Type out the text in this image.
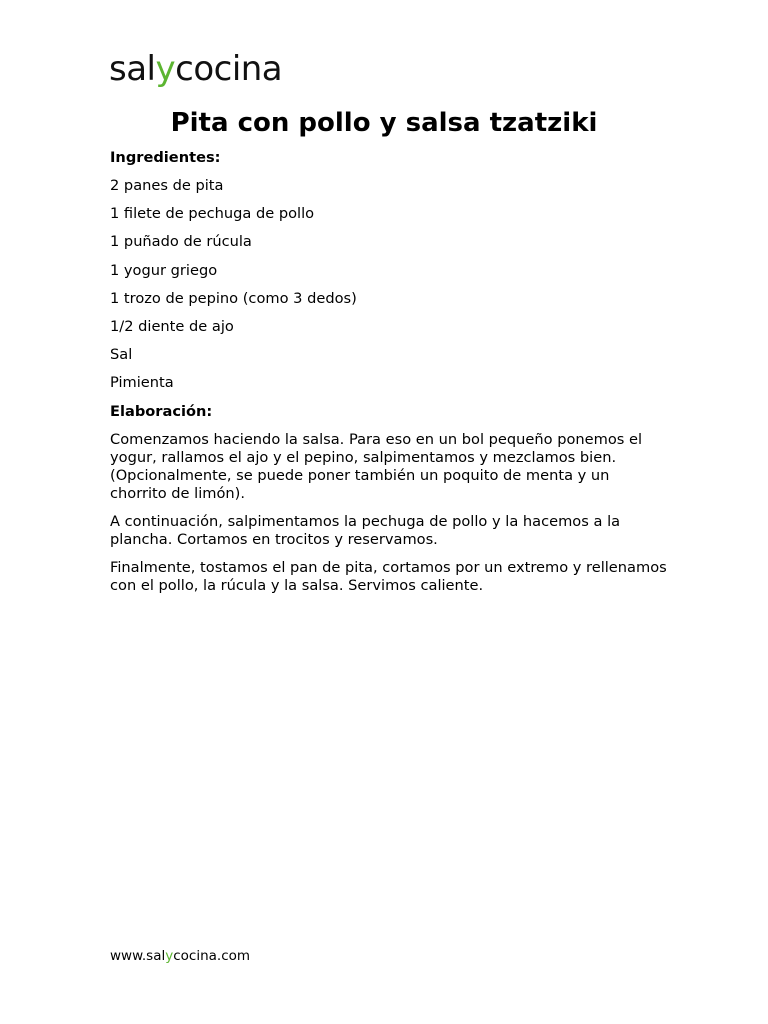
salycocina
Pita con pollo y salsa tzatziki

Ingredientes:

2 panes de pita
1 filete de pechuga de pollo
1 puñado de rúcula
1 yogur griego
1 trozo de pepino (como 3 dedos)
1/2 diente de ajo
Sal
Pimienta

Elaboración:

Comenzamos haciendo la salsa. Para eso en un bol pequeño ponemos el yogur, rallamos el ajo y el pepino, salpimentamos y mezclamos bien. (Opcionalmente, se puede poner también un poquito de menta y un chorrito de limón).

A continuación, salpimentamos la pechuga de pollo y la hacemos a la plancha. Cortamos en trocitos y reservamos.

Finalmente, tostamos el pan de pita, cortamos por un extremo y rellenamos con el pollo, la rúcula y la salsa. Servimos caliente.

www.salycocina.com
